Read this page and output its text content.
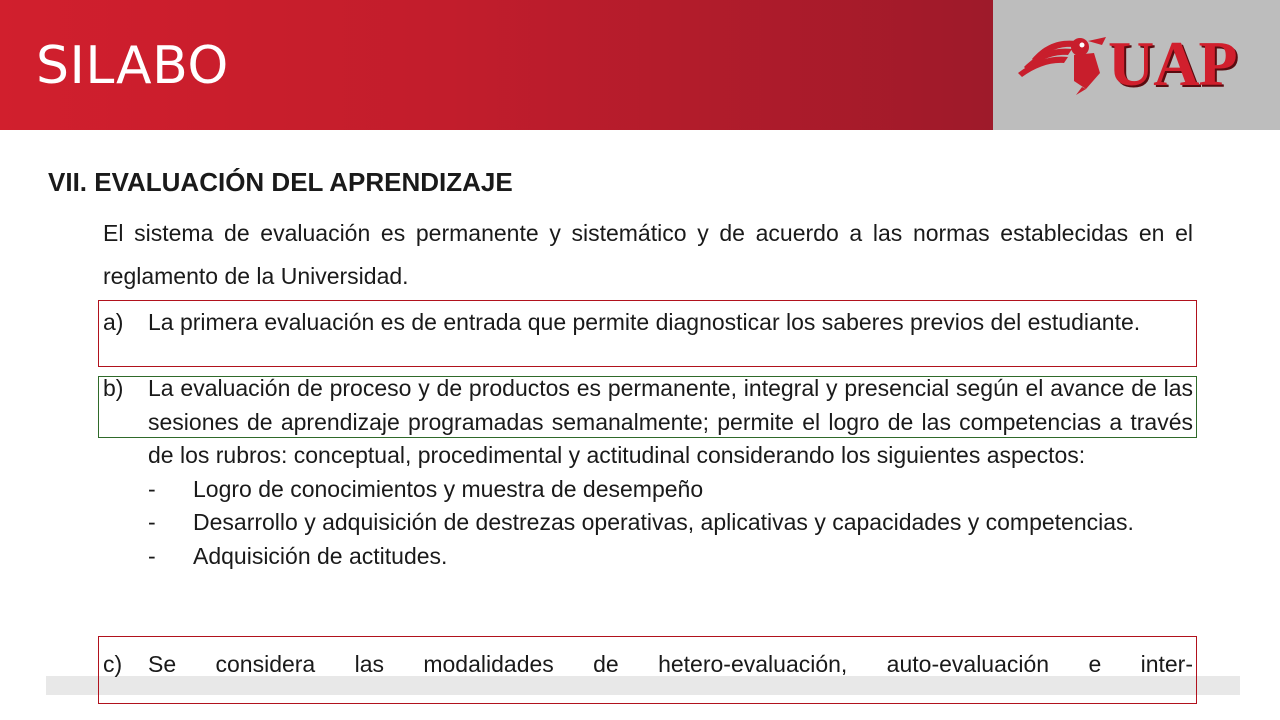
SILABO	UAP
VII. EVALUACIÓN DEL APRENDIZAJE
El sistema de evaluación es permanente y sistemático y de acuerdo a las normas establecidas en el reglamento de la Universidad.
a) La primera evaluación es de entrada que permite diagnosticar los saberes previos del estudiante.
b) La evaluación de proceso y de productos es permanente, integral y presencial según el avance de las sesiones de aprendizaje programadas semanalmente; permite el logro de las competencias a través de los rubros: conceptual, procedimental y actitudinal considerando los siguientes aspectos:
- Logro de conocimientos y muestra de desempeño
- Desarrollo y adquisición de destrezas operativas, aplicativas y capacidades y competencias.
- Adquisición de actitudes.
c) Se considera las modalidades de hetero-evaluación, auto-evaluación e inter-
